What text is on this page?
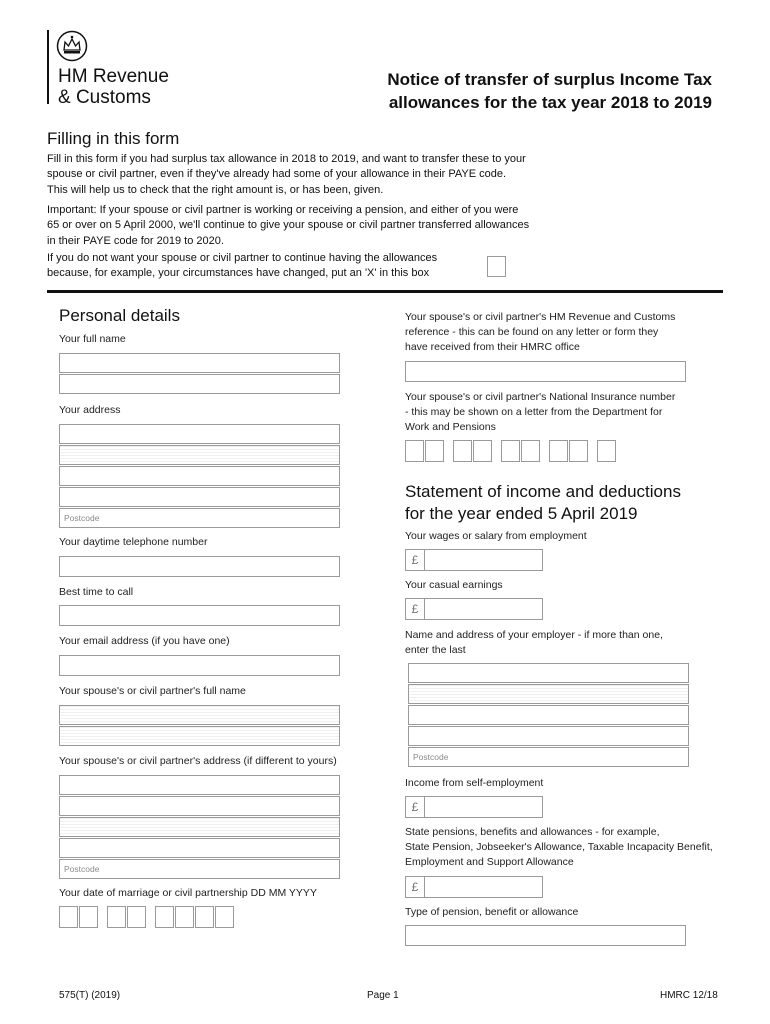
HM Revenue
& Customs
Notice of transfer of surplus Income Tax
allowances for the tax year 2018 to 2019
Filling in this form
Fill in this form if you had surplus tax allowance in 2018 to 2019, and want to transfer these to your
spouse or civil partner, even if they've already had some of your allowance in their PAYE code.
This will help us to check that the right amount is, or has been, given.
Important: If your spouse or civil partner is working or receiving a pension, and either of you were
65 or over on 5 April 2000, we'll continue to give your spouse or civil partner transferred allowances
in their PAYE code for 2019 to 2020.
If you do not want your spouse or civil partner to continue having the allowances
because, for example, your circumstances have changed, put an 'X' in this box
Personal details
Your full name
Your address
Postcode
Your daytime telephone number
Best time to call
Your email address (if you have one)
Your spouse's or civil partner's full name
Your spouse's or civil partner's address (if different to yours)
Postcode
Your date of marriage or civil partnership DD MM YYYY
Your spouse's or civil partner's HM Revenue and Customs
reference - this can be found on any letter or form they
have received from their HMRC office
Your spouse's or civil partner's National Insurance number
- this may be shown on a letter from the Department for
Work and Pensions
Statement of income and deductions
for the year ended 5 April 2019
Your wages or salary from employment
£
Your casual earnings
£
Name and address of your employer - if more than one,
enter the last
Postcode
Income from self-employment
£
State pensions, benefits and allowances - for example,
State Pension, Jobseeker's Allowance, Taxable Incapacity Benefit,
Employment and Support Allowance
£
Type of pension, benefit or allowance
575(T) (2019)	Page 1	HMRC 12/18
